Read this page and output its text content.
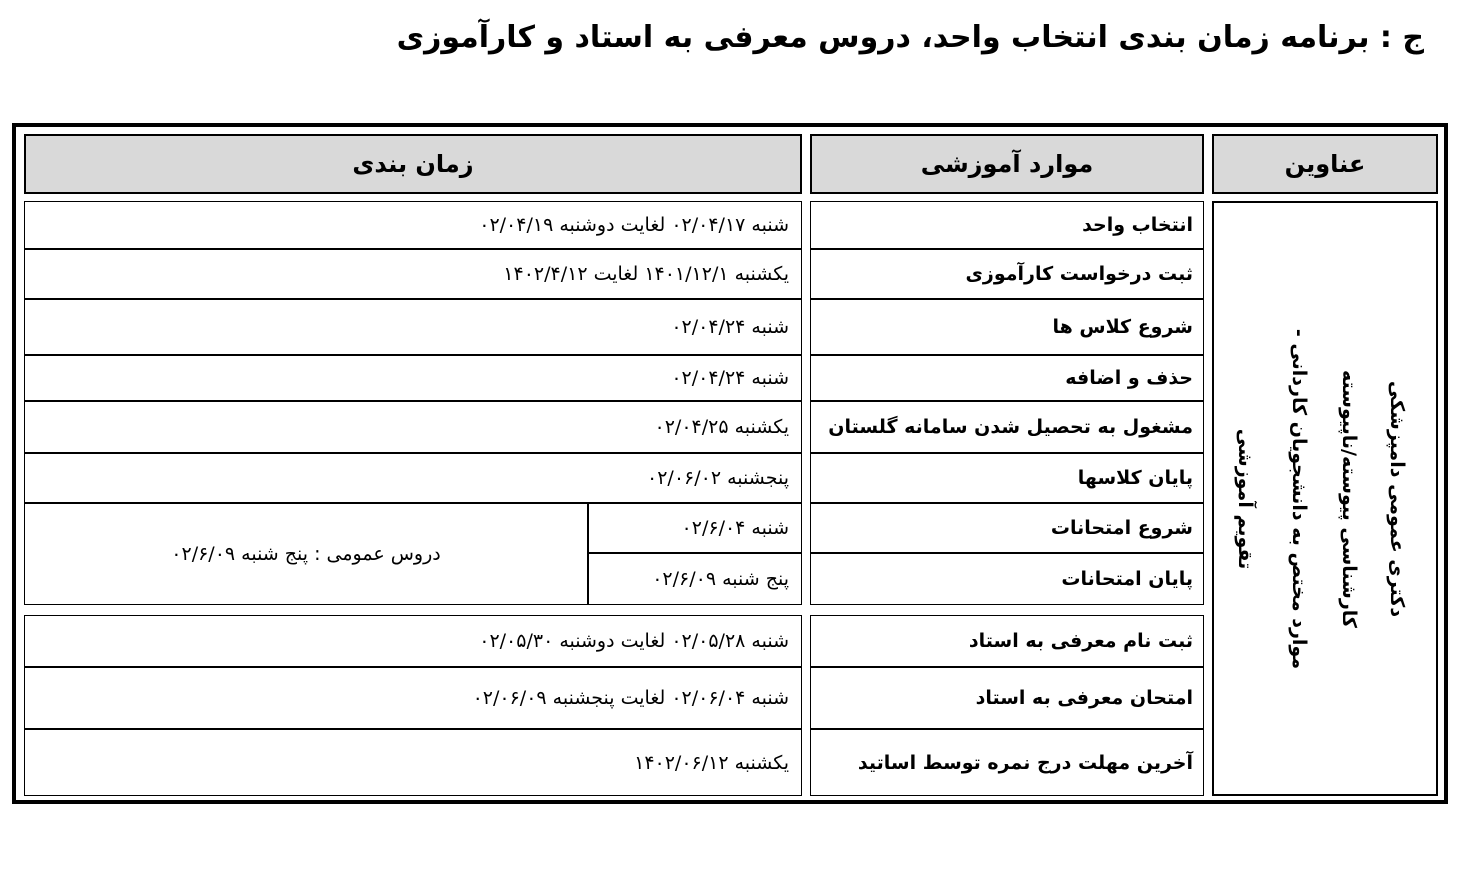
ج : برنامه زمان بندی انتخاب واحد، دروس معرفی به استاد و کارآموزی
عناوین
موارد آموزشی
زمان بندی
تقویم آموزشی موارد مختص به دانشجویان کاردانی - کارشناسی پیوسته/ناپیوسته دکتری عمومی دامپزشکی
انتخاب واحد
ثبت درخواست کارآموزی
شروع کلاس ها
حذف و اضافه
مشغول به تحصیل شدن سامانه گلستان
پایان کلاسها
شروع امتحانات
پایان امتحانات
شنبه ۰۲/۰۴/۱۷ لغایت دوشنبه ۰۲/۰۴/۱۹
یکشنبه ۱۴۰۱/۱۲/۱ لغایت ۱۴۰۲/۴/۱۲
شنبه ۰۲/۰۴/۲۴
شنبه ۰۲/۰۴/۲۴
یکشنبه ۰۲/۰۴/۲۵
پنجشنبه ۰۲/۰۶/۰۲
شنبه ۰۲/۶/۰۴
پنج شنبه ۰۲/۶/۰۹
دروس عمومی : پنج شنبه ۰۲/۶/۰۹
ثبت نام معرفی به استاد
امتحان معرفی به استاد
آخرین مهلت درج نمره توسط اساتید
شنبه ۰۲/۰۵/۲۸ لغایت دوشنبه ۰۲/۰۵/۳۰
شنبه ۰۲/۰۶/۰۴ لغایت پنجشنبه ۰۲/۰۶/۰۹
یکشنبه ۱۴۰۲/۰۶/۱۲
